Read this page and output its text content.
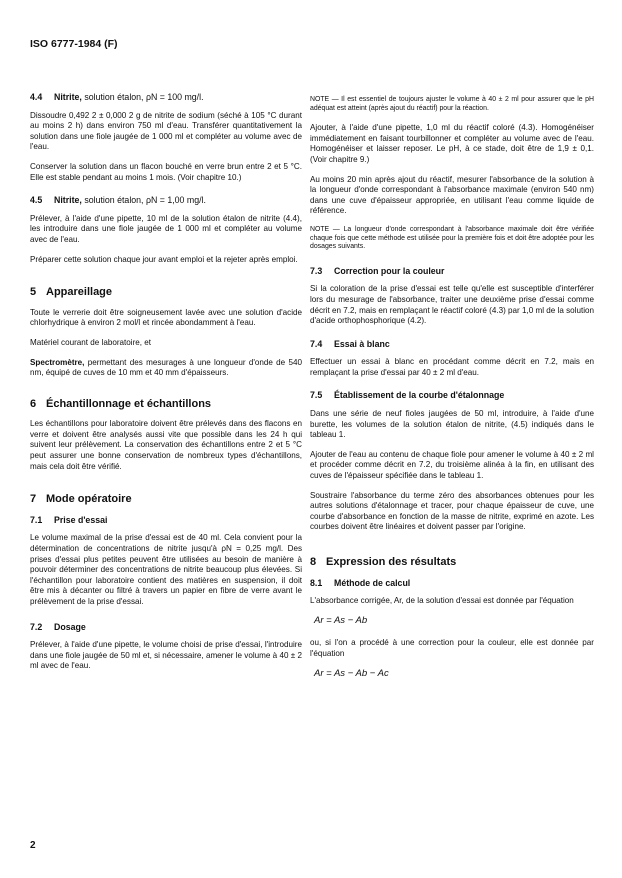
ISO 6777-1984 (F)
4.4 Nitrite, solution étalon, ρN = 100 mg/l.

Dissoudre 0,492 2 ± 0,000 2 g de nitrite de sodium (séché à 105 °C durant au moins 2 h) dans environ 750 ml d'eau. Transférer quantitativement la solution dans une fiole jaugée de 1 000 ml et compléter au volume avec de l'eau.

Conserver la solution dans un flacon bouché en verre brun entre 2 et 5 °C. Elle est stable pendant au moins 1 mois. (Voir chapitre 10.)

4.5 Nitrite, solution étalon, ρN = 1,00 mg/l.

Prélever, à l'aide d'une pipette, 10 ml de la solution étalon de nitrite (4.4), les introduire dans une fiole jaugée de 1 000 ml et compléter au volume avec de l'eau.

Préparer cette solution chaque jour avant emploi et la rejeter après emploi.

5 Appareillage

Toute le verrerie doit être soigneusement lavée avec une solution d'acide chlorhydrique à environ 2 mol/l et rincée abondamment à l'eau.

Matériel courant de laboratoire, et

Spectromètre, permettant des mesurages à une longueur d'onde de 540 nm, équipé de cuves de 10 mm et 40 mm d'épaisseurs.

6 Échantillonnage et échantillons

Les échantillons pour laboratoire doivent être prélevés dans des flacons en verre et doivent être analysés aussi vite que possible dans les 24 h qui suivent leur prélèvement. La conservation des échantillons entre 2 et 5 °C peut assurer une bonne conservation de nombreux types d'échantillons, mais cela doit être vérifié.

7 Mode opératoire
7.1 Prise d'essai

Le volume maximal de la prise d'essai est de 40 ml. Cela convient pour la détermination de concentrations de nitrite jusqu'à ρN = 0,25 mg/l. Des prises d'essai plus petites peuvent être utilisées au besoin de manière à pouvoir déterminer des concentrations de nitrite beaucoup plus élevées. Si l'échantillon pour laboratoire contient des matières en suspension, il doit être mis à décanter ou filtré à travers un papier en fibre de verre avant le prélèvement de la prise d'essai.

7.2 Dosage

Prélever, à l'aide d'une pipette, le volume choisi de prise d'essai, l'introduire dans une fiole jaugée de 50 ml et, si nécessaire, amener le volume à 40 ± 2 ml avec de l'eau.

NOTE — Il est essentiel de toujours ajuster le volume à 40 ± 2 ml pour assurer que le pH adéquat est atteint (après ajout du réactif) pour la réaction.

Ajouter, à l'aide d'une pipette, 1,0 ml du réactif coloré (4.3). Homogénéiser immédiatement en faisant tourbillonner et compléter au volume avec de l'eau. Homogénéiser et laisser reposer. Le pH, à ce stade, doit être de 1,9 ± 0,1. (Voir chapitre 9.)

Au moins 20 min après ajout du réactif, mesurer l'absorbance de la solution à la longueur d'onde correspondant à l'absorbance maximale (environ 540 nm) dans une cuve d'épaisseur appropriée, en utilisant l'eau comme liquide de référence.

NOTE — La longueur d'onde correspondant à l'absorbance maximale doit être vérifiée chaque fois que cette méthode est utilisée pour la première fois et doit être adoptée pour les dosages suivants.

7.3 Correction pour la couleur

Si la coloration de la prise d'essai est telle qu'elle est susceptible d'interférer lors du mesurage de l'absorbance, traiter une deuxième prise d'essai comme décrit en 7.2, mais en remplaçant le réactif coloré (4.3) par 1,0 ml de la solution d'acide orthophosphorique (4.2).

7.4 Essai à blanc

Effectuer un essai à blanc en procédant comme décrit en 7.2, mais en remplaçant la prise d'essai par 40 ± 2 ml d'eau.

7.5 Établissement de la courbe d'étalonnage

Dans une série de neuf fioles jaugées de 50 ml, introduire, à l'aide d'une burette, les volumes de la solution étalon de nitrite, (4.5) indiqués dans le tableau 1.

Ajouter de l'eau au contenu de chaque fiole pour amener le volume à 40 ± 2 ml et procéder comme décrit en 7.2, du troisième alinéa à la fin, en utilisant des cuves de l'épaisseur spécifiée dans le tableau 1.

Soustraire l'absorbance du terme zéro des absorbances obtenues pour les autres solutions d'étalonnage et tracer, pour chaque épaisseur de cuve, une courbe d'absorbance en fonction de la masse de nitrite, exprimé en azote. Les courbes doivent être linéaires et doivent passer par l'origine.

8 Expression des résultats
8.1 Méthode de calcul

L'absorbance corrigée, Ar, de la solution d'essai est donnée par l'équation

Ar = As − Ab

ou, si l'on a procédé à une correction pour la couleur, elle est donnée par l'équation

Ar = As − Ab − Ac
2
